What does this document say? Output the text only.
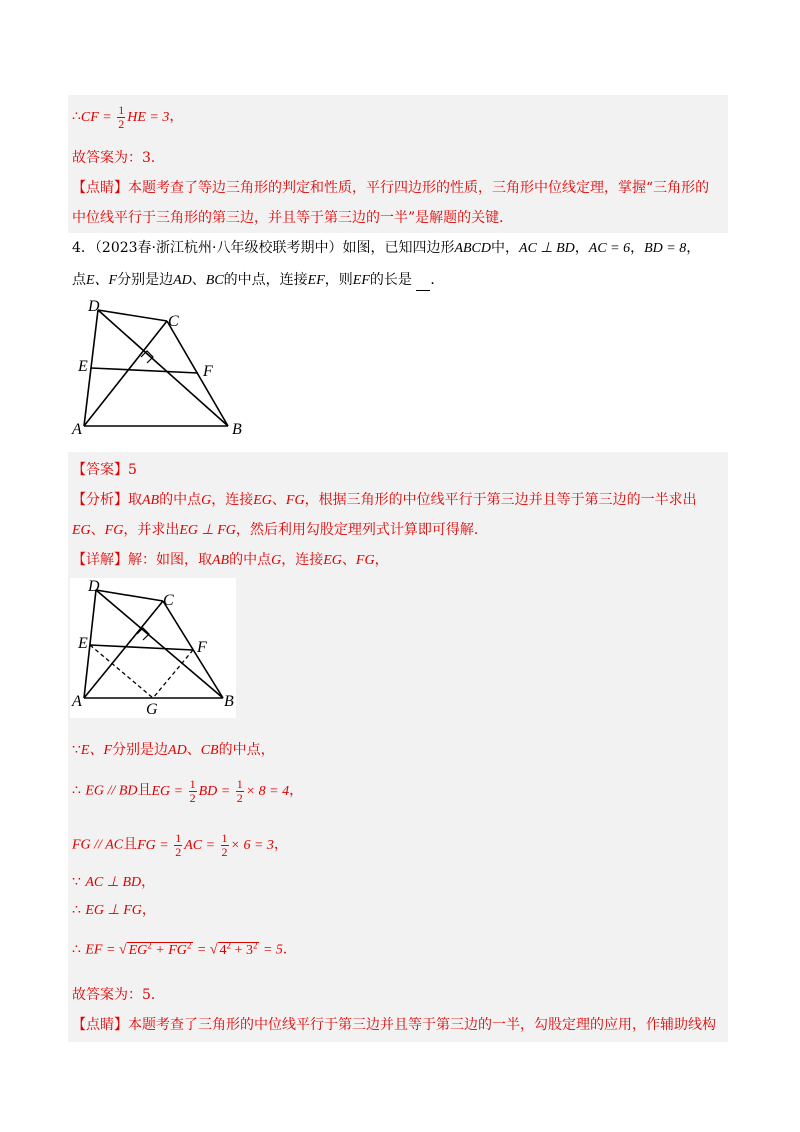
∴CF = $\frac{1}{2}$ HE = 3，
故答案为：3．
【点睛】本题考查了等边三角形的判定和性质，平行四边形的性质，三角形中位线定理，掌握“三角形的
中位线平行于三角形的第三边，并且等于第三边的一半”是解题的关键．
4．（2023春·浙江杭州·八年级校联考期中）如图，已知四边形ABCD中，AC ⊥ BD，AC = 6，BD = 8，
点E、F分别是边AD、BC的中点，连接EF，则EF的长是 ．
D
C
E	F
A	B
【答案】5
【分析】取AB的中点G，连接EG、FG，根据三角形的中位线平行于第三边并且等于第三边的一半求出
EG、FG，并求出EG ⊥ FG，然后利用勾股定理列式计算即可得解．
【详解】解：如图，取AB的中点G，连接EG、FG，
D
C
E	F
A	G	B
∵E、F分别是边AD、CB的中点，
∴ EG // BD且EG = $\frac{1}{2}$ BD = $\frac{1}{2} \times 8 = 4$，
FG // AC且FG = $\frac{1}{2}$ AC = $\frac{1}{2} \times 6 = 3$，
∵ AC ⊥ BD，
∴ EG ⊥ FG，
∴ EF = √ $EG^2 + FG^2$ = √ $4^2 + 3^2 = 5$．
故答案为：5．
【点睛】本题考查了三角形的中位线平行于第三边并且等于第三边的一半，勾股定理的应用，作辅助线构
